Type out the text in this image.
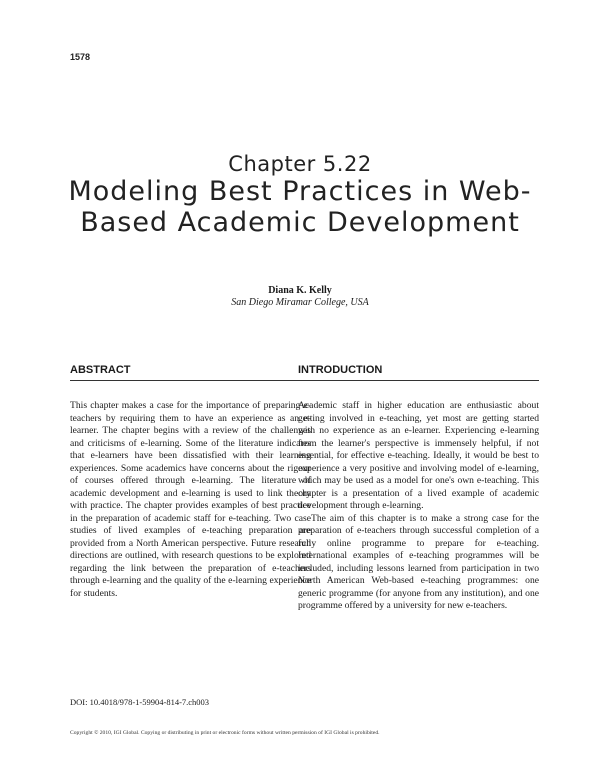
1578
Chapter 5.22
Modeling Best Practices in Web-Based Academic Development
Diana K. Kelly
San Diego Miramar College, USA
ABSTRACT

This chapter makes a case for the importance of preparing e-teachers by requiring them to have an experience as an e-learner. The chapter begins with a review of the challenges and criticisms of e-learning. Some of the literature indicates that e-learners have been dissatisfied with their learning experiences. Some academics have concerns about the rigour of courses offered through e-learning. The literature of academic development and e-learning is used to link theory with practice. The chapter provides examples of best practice in the preparation of academic staff for e-teaching. Two case studies of lived examples of e-teaching preparation are provided from a North American perspective. Future research directions are outlined, with research questions to be explored regarding the link between the preparation of e-teachers through e-learning and the quality of the e-learning experience for students.

INTRODUCTION

Academic staff in higher education are enthusiastic about getting involved in e-teaching, yet most are getting started with no experience as an e-learner. Experiencing e-learning from the learner's perspective is immensely helpful, if not essential, for effective e-teaching. Ideally, it would be best to experience a very positive and involving model of e-learning, which may be used as a model for one's own e-teaching. This chapter is a presentation of a lived example of academic development through e-learning.

The aim of this chapter is to make a strong case for the preparation of e-teachers through successful completion of a fully online programme to prepare for e-teaching. International examples of e-teaching programmes will be included, including lessons learned from participation in two North American Web-based e-teaching programmes: one generic programme (for anyone from any institution), and one programme offered by a university for new e-teachers.

DOI: 10.4018/978-1-59904-814-7.ch003
Copyright © 2010, IGI Global. Copying or distributing in print or electronic forms without written permission of IGI Global is prohibited.
